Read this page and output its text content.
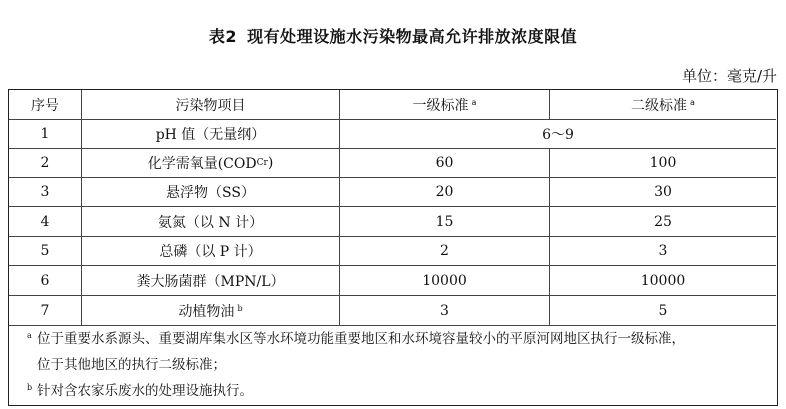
表2 现有处理设施水污染物最高允许排放浓度限值
单位：毫克/升
序号	污染物项目	一级标准 $^a$	二级标准 $^a$
1	pH 值（无量纲）	6～9
2	化学需氧量(COD Cr )	60	100
3	悬浮物（SS）	20	30
4	氨氮（以 N 计）	15	25
5	总磷（以 P 计）	2	3
6	粪大肠菌群（MPN/L）	10000	10000
7	动植物油 $^b$	3	5
a 位于重要水系源头、重要湖库集水区等水环境功能重要地区和水环境容量较小的平原河网地区执行一级标准，
位于其他地区的执行二级标准；
b 针对含农家乐废水的处理设施执行。
